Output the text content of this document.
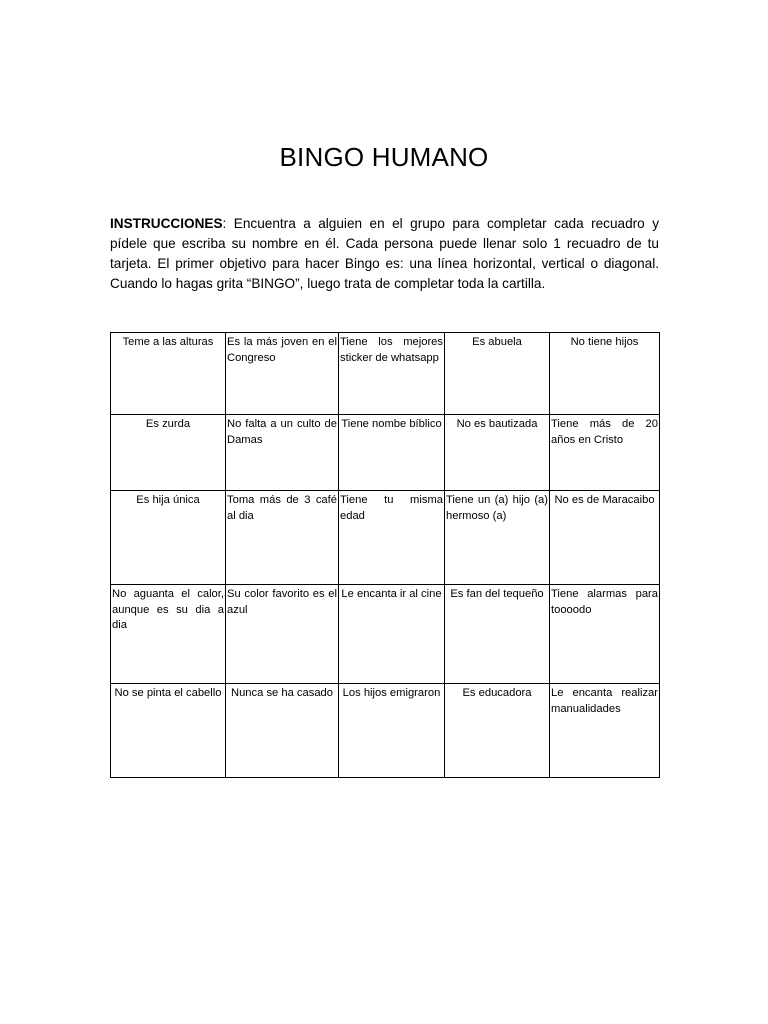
BINGO HUMANO

INSTRUCCIONES: Encuentra a alguien en el grupo para completar cada recuadro y pídele que escriba su nombre en él. Cada persona puede llenar solo 1 recuadro de tu tarjeta. El primer objetivo para hacer Bingo es: una línea horizontal, vertical o diagonal. Cuando lo hagas grita “BINGO”, luego trata de completar toda la cartilla.

Teme a las alturas	Es la más joven en el Congreso	Tiene los mejores sticker de whatsapp	Es abuela	No tiene hijos
Es zurda	No falta a un culto de Damas	Tiene nombe bíblico	No es bautizada	Tiene más de 20 años en Cristo
Es hija única	Toma más de 3 café al dia	Tiene tu misma edad	Tiene un (a) hijo (a) hermoso (a)	No es de Maracaibo
No aguanta el calor, aunque es su dia a dia	Su color favorito es el azul	Le encanta ir al cine	Es fan del tequeño	Tiene alarmas para toooodo
No se pinta el cabello	Nunca se ha casado	Los hijos emigraron	Es educadora	Le encanta realizar manualidades
